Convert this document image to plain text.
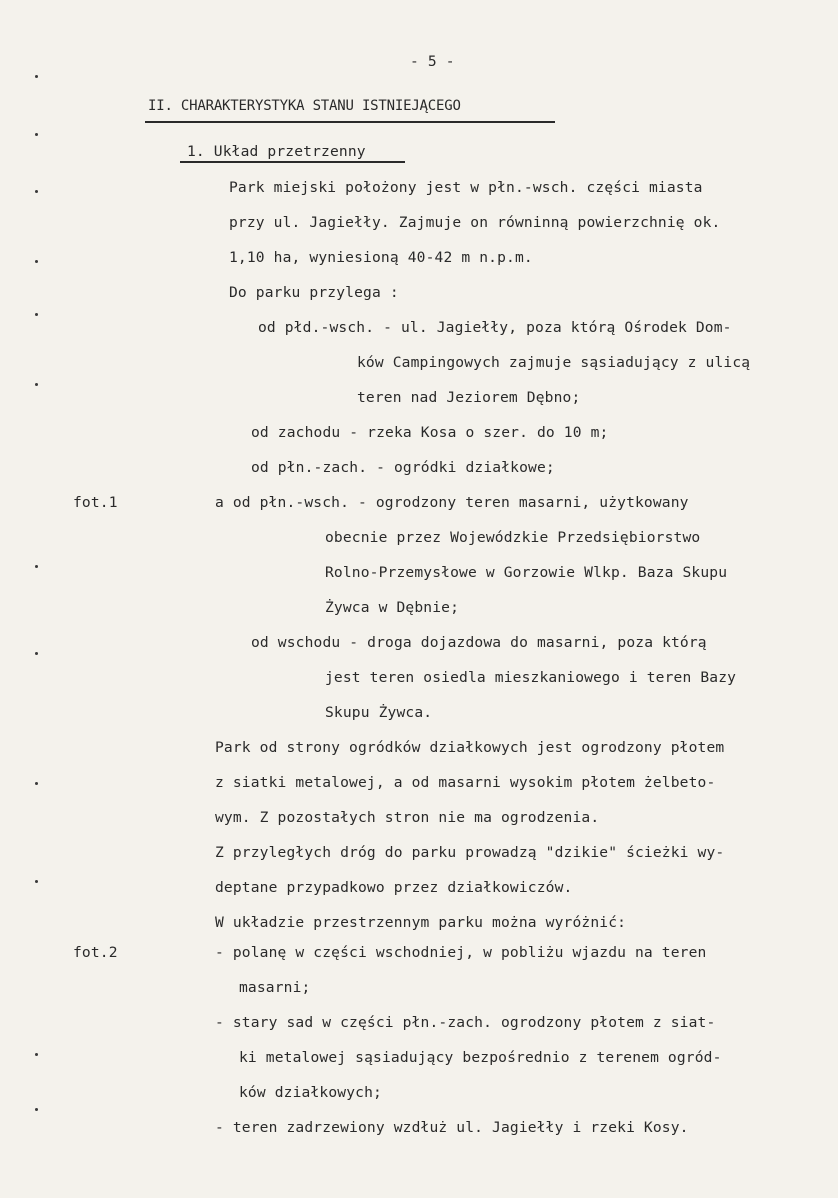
- 5 -
II. CHARAKTERYSTYKA STANU ISTNIEJĄCEGO
1. Układ przetrzenny
Park miejski położony jest w płn.-wsch. części miasta
przy ul. Jagiełły. Zajmuje on równinną powierzchnię ok.
1,10 ha, wyniesioną 40-42 m n.p.m.
Do parku przylega :
od płd.-wsch. - ul. Jagiełły, poza którą Ośrodek Dom-
ków Campingowych zajmuje sąsiadujący z ulicą
teren nad Jeziorem Dębno;
od zachodu - rzeka Kosa o szer. do 10 m;
od płn.-zach. - ogródki działkowe;
a od płn.-wsch. - ogrodzony teren masarni, użytkowany
obecnie przez Wojewódzkie Przedsiębiorstwo
Rolno-Przemysłowe w Gorzowie Wlkp. Baza Skupu
Żywca w Dębnie;
od wschodu - droga dojazdowa do masarni, poza którą
jest teren osiedla mieszkaniowego i teren Bazy
Skupu Żywca.
Park od strony ogródków działkowych jest ogrodzony płotem
z siatki metalowej, a od masarni wysokim płotem żelbeto-
wym. Z pozostałych stron nie ma ogrodzenia.
Z przyległych dróg do parku prowadzą "dzikie" ścieżki wy-
deptane przypadkowo przez działkowiczów.
W układzie przestrzennym parku można wyróżnić:
- polanę w części wschodniej, w pobliżu wjazdu na teren
masarni;
- stary sad w części płn.-zach. ogrodzony płotem z siat-
ki metalowej sąsiadujący bezpośrednio z terenem ogród-
ków działkowych;
- teren zadrzewiony wzdłuż ul. Jagiełły i rzeki Kosy.
fot.1
fot.2
